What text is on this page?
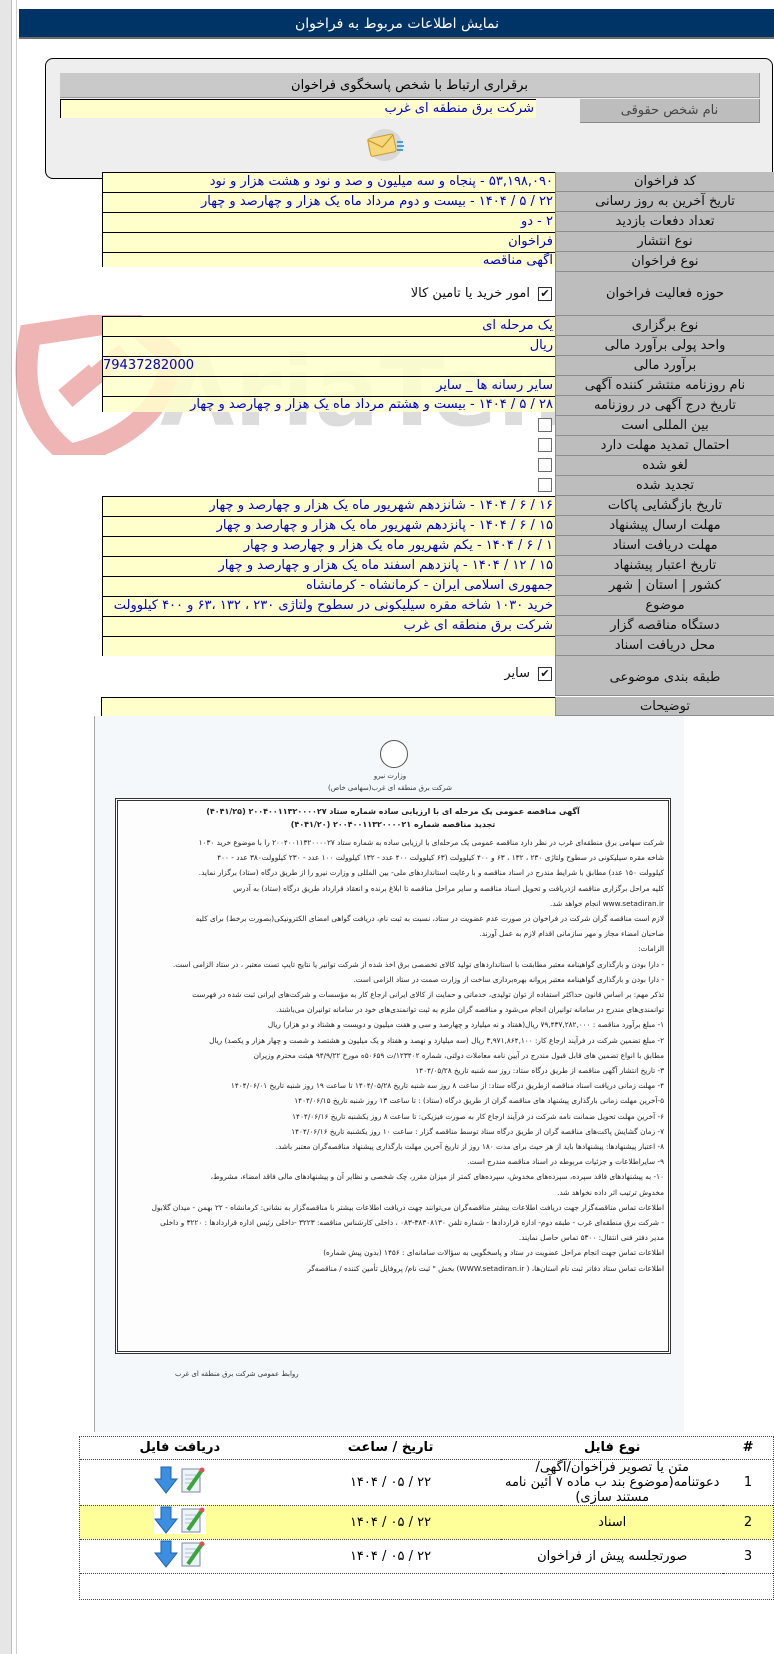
نمایش اطلاعات مربوط به فراخوان
برقراری ارتباط با شخص پاسخگوی فراخوان
نام شخص حقوقی
شرکت برق منطقه ای غرب
۵۳,۱۹۸,۰۹۰ - پنجاه و سه میلیون و صد و نود و هشت هزار و نود	کد فراخوان
۲۲ / ۵ / ۱۴۰۴ - بیست و دوم مرداد ماه یک هزار و چهارصد و چهار	تاریخ آخرین به روز رسانی
۲ - دو	تعداد دفعات بازدید
فراخوان	نوع انتشار
آگهی مناقصه	نوع فراخوان
حوزه فعالیت فراخوان
✔
امور خرید یا تامین کالا
یک مرحله ای	نوع برگزاری
ریال	واحد پولی برآورد مالی
79437282000	برآورد مالی
سایر رسانه ها _ سایر	نام روزنامه منتشر کننده آگهی
۲۸ / ۵ / ۱۴۰۴ - بیست و هشتم مرداد ماه یک هزار و چهارصد و چهار	تاریخ درج آگهی در روزنامه
بین المللی است
احتمال تمدید مهلت دارد
لغو شده
تجدید شده
۱۶ / ۶ / ۱۴۰۴ - شانزدهم شهریور ماه یک هزار و چهارصد و چهار	تاریخ بازگشایی پاکات
۱۵ / ۶ / ۱۴۰۴ - پانزدهم شهریور ماه یک هزار و چهارصد و چهار	مهلت ارسال پیشنهاد
۱ / ۶ / ۱۴۰۴ - یکم شهریور ماه یک هزار و چهارصد و چهار	مهلت دریافت اسناد
۱۵ / ۱۲ / ۱۴۰۴ - پانزدهم اسفند ماه یک هزار و چهارصد و چهار	تاریخ اعتبار پیشنهاد
جمهوری اسلامی ایران - کرمانشاه - کرمانشاه	کشور | استان | شهر
خرید ۱۰۳۰ شاخه مقره سیلیکونی در سطوح ولتاژی ۲۳۰ ، ۱۳۲ ،۶۳ و ۴۰۰ کیلوولت	موضوع
شرکت برق منطقه ای غرب	دستگاه مناقصه گزار
محل دریافت اسناد
طبقه بندی موضوعی
✔
سایر
توضیحات
وزارت نیرو
شرکت برق منطقه ای غرب(سهامی خاص)
آگهی مناقصه عمومی یک مرحله ای با ارزیابی ساده شماره ستاد ۲۰۰۴۰۰۱۱۳۲۰۰۰۰۲۷ (۴۰۴۱/۲۵)
تجدید مناقصه شماره ۲۰۰۴۰۰۱۱۳۲۰۰۰۰۲۱ (۴۰۴۱/۲۰)
شرکت سهامی برق منطقه‌ای غرب در نظر دارد مناقصه عمومی یک مرحله‌ای با ارزیابی ساده به شماره ستاد ۲۰۰۴۰۰۱۱۳۲۰۰۰۰۲۷ را با موضوع خرید ۱۰۳۰
شاخه مقره سیلیکونی در سطوح ولتاژی ۲۳۰ ، ۱۳۲ ، ۶۳ و ۴۰۰ کیلوولت (۶۳ کیلوولت ۴۰۰ عدد - ۱۳۲ کیلوولت ۱۰۰ عدد - ۲۳۰ کیلوولت۳۸۰ عدد - ۴۰۰
کیلوولت ۱۵۰ عدد) مطابق با شرایط مندرج در اسناد مناقصه و با رعایت استانداردهای ملی- بین المللی و وزارت نیرو را از طریق درگاه (ستاد) برگزار نماید.
کلیه مراحل برگزاری مناقصه ازدریافت و تحویل اسناد مناقصه و سایر مراحل مناقصه تا ابلاغ برنده و انعقاد قرارداد طریق درگاه (ستاد) به آدرس
www.setadiran.ir انجام خواهد شد.
لازم است مناقصه گران شرکت در فراخوان در صورت عدم عضویت در ستاد، نسبت به ثبت نام، دریافت گواهی امضای الکترونیکی(بصورت برخط) برای کلیه
صاحبان امضاء مجاز و مهر سازمانی اقدام لازم به عمل آورند.
الزامات:
- دارا بودن و بارگذاری گواهینامه معتبر مطابقت با استانداردهای تولید کالای تخصصی برق اخذ شده از شرکت توانیر یا نتایج تایپ تست معتبر ، در ستاد الزامی است.
- دارا بودن و بارگذاری گواهینامه معتبر پروانه بهره‌برداری ساخت از وزارت صمت در ستاد الزامی است.
تذکر مهم: بر اساس قانون حداکثر استفاده از توان تولیدی، خدماتی و حمایت از کالای ایرانی ارجاع کار به مؤسسات و شرکت‌های ایرانی ثبت شده در فهرست
توانمندی‌های مندرج در سامانه توانیران انجام می‌شود و مناقصه گران ملزم به ثبت توانمندی‌های خود در سامانه توانیران می‌باشند.
۱- مبلغ برآورد مناقصه : ۷۹,۴۳۷,۲۸۲,۰۰۰ ریال(هفتاد و نه میلیارد و چهارصد و سی و هفت میلیون و دویست و هشتاد و دو هزار) ریال
۲- مبلغ تضمین شرکت در فرآیند ارجاع کار: ۳,۹۷۱,۸۶۴,۱۰۰ ریال (سه میلیارد و نهصد و هفتاد و یک میلیون و هشتصد و شصت و چهار هزار و یکصد) ریال
مطابق با انواع تضمین های قابل قبول مندرج در آیین نامه معاملات دولتی، شماره ۱۲۳۴۰۲/ت ۵۰۶۵۹ه مورخ ۹۴/۹/۲۲ هیئت محترم وزیران
۳- تاریخ انتشار آگهی مناقصه از طریق درگاه ستاد: روز سه شنبه تاریخ ۱۴۰۴/۰۵/۲۸
۴- مهلت زمانی دریافت اسناد مناقصه ازطریق درگاه ستاد: از ساعت ۸ روز سه شنبه تاریخ ۱۴۰۴/۰۵/۲۸ تا ساعت ۱۹ روز شنبه تاریخ ۱۴۰۴/۰۶/۰۱
۵-آخرین مهلت زمانی بارگذاری پیشنهاد های مناقصه گران از طریق درگاه (ستاد) : تا ساعت ۱۳ روز شنبه تاریخ ۱۴۰۴/۰۶/۱۵
۶- آخرین مهلت تحویل ضمانت نامه شرکت در فرآیند ارجاع کار به صورت فیزیکی: تا ساعت ۸ روز یکشنبه تاریخ ۱۴۰۴/۰۶/۱۶
۷- زمان گشایش پاکت‌های مناقصه گران از طریق درگاه ستاد توسط مناقصه گزار : ساعت ۱۰ روز یکشنبه تاریخ ۱۴۰۴/۰۶/۱۶
۸- اعتبار پیشنهادها: پیشنهادها باید از هر حیث برای مدت ۱۸۰ روز از تاریخ آخرین مهلت بارگذاری پیشنهاد مناقصه‌گران معتبر باشد.
۹- سایراطلاعات و جزئیات مربوطه در اسناد مناقصه مندرج است.
۱۰- به پیشنهادهای فاقد سپرده، سپرده‌های مخدوش، سپرده‌های کمتر از میزان مقرر، چک شخصی و نظایر آن و پیشنهادهای مالی فاقد امضاء، مشروط،
مخدوش ترتیب اثر داده نخواهد شد.
اطلاعات تماس مناقصه‌گزار جهت دریافت اطلاعات بیشتر مناقصه‌گران می‌توانند جهت دریافت اطلاعات بیشتر با مناقصه‌گزار به نشانی: کرمانشاه - ۲۲ بهمن - میدان گلابول
- شرکت برق منطقه‌ای غرب - طبقه دوم- اداره قراردادها - شماره تلفن ۳۸۳۰۸۱۳۰-۰۸۳ ، داخلی کارشناس مناقصه: ۳۲۲۳ -داخلی رئیس اداره قراردادها : ۳۲۲۰ و داخلی
مدیر دفتر فنی انتقال: ۵۳۰۰ تماس حاصل نمایند.
اطلاعات تماس جهت انجام مراحل عضویت در ستاد و پاسخگویی به سؤالات سامانه‌ای : ۱۴۵۶ (بدون پیش شماره)
اطلاعات تماس ستاد دفاتر ثبت نام استان‌ها، ( WWW.setadiran.ir) بخش " ثبت نام/ پروفایل تأمین کننده / مناقصه‌گر
روابط عمومی شرکت برق منطقه ای غرب
#	نوع فایل	تاریخ / ساعت	دریافت فایل
1	متن یا تصویر فراخوان/آگهی/دعوتنامه(موضوع بند ب ماده ۷ آئین نامه مستند سازی)	۲۲ / ۰۵ / ۱۴۰۴	

2	اسناد	۲۲ / ۰۵ / ۱۴۰۴	

3	صورتجلسه پیش از فراخوان	۲۲ / ۰۵ / ۱۴۰۴	
